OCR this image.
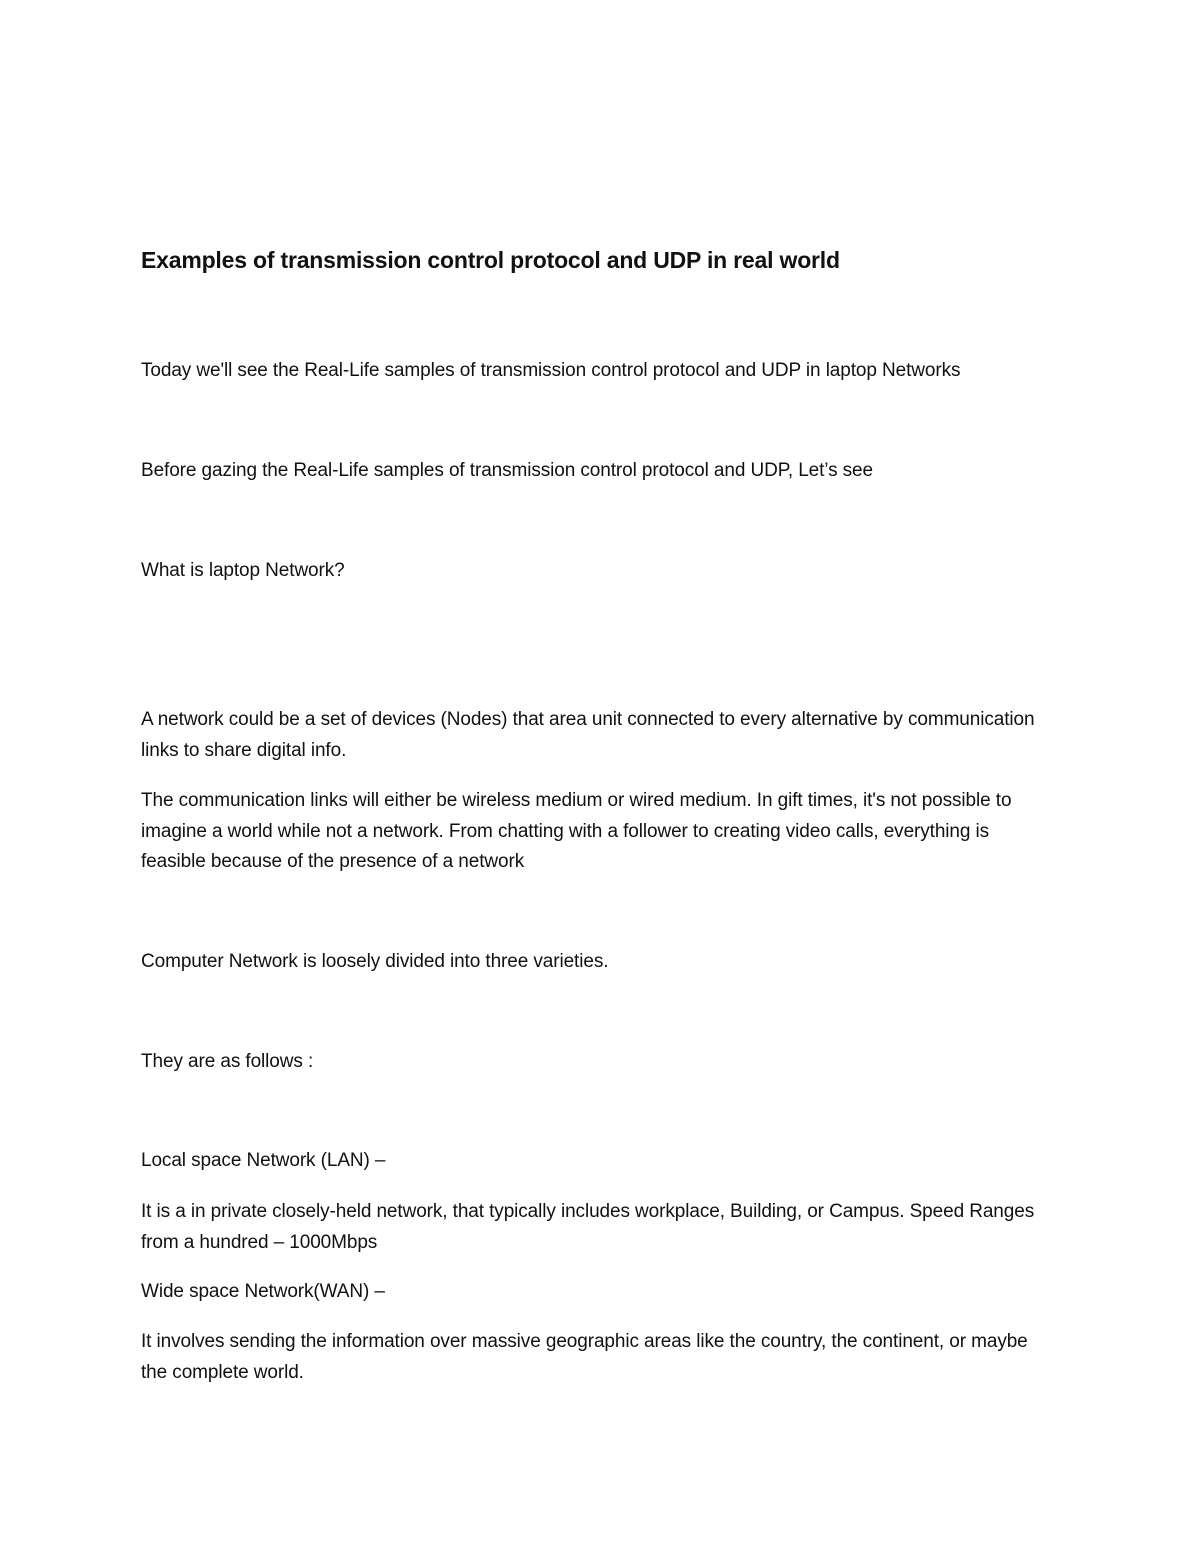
Examples of transmission control protocol and UDP in real world

Today we'll see the Real-Life samples of transmission control protocol and UDP in laptop Networks

Before gazing the Real-Life samples of transmission control protocol and UDP, Let’s see

What is laptop Network?

A network could be a set of devices (Nodes) that area unit connected to every alternative by communication links to share digital info.

The communication links will either be wireless medium or wired medium. In gift times, it's not possible to imagine a world while not a network. From chatting with a follower to creating video calls, everything is feasible because of the presence of a network

Computer Network is loosely divided into three varieties.

They are as follows :

Local space Network (LAN) –

It is a in private closely-held network, that typically includes workplace, Building, or Campus. Speed Ranges from a hundred – 1000Mbps

Wide space Network(WAN) –

It involves sending the information over massive geographic areas like the country, the continent, or maybe the complete world.
